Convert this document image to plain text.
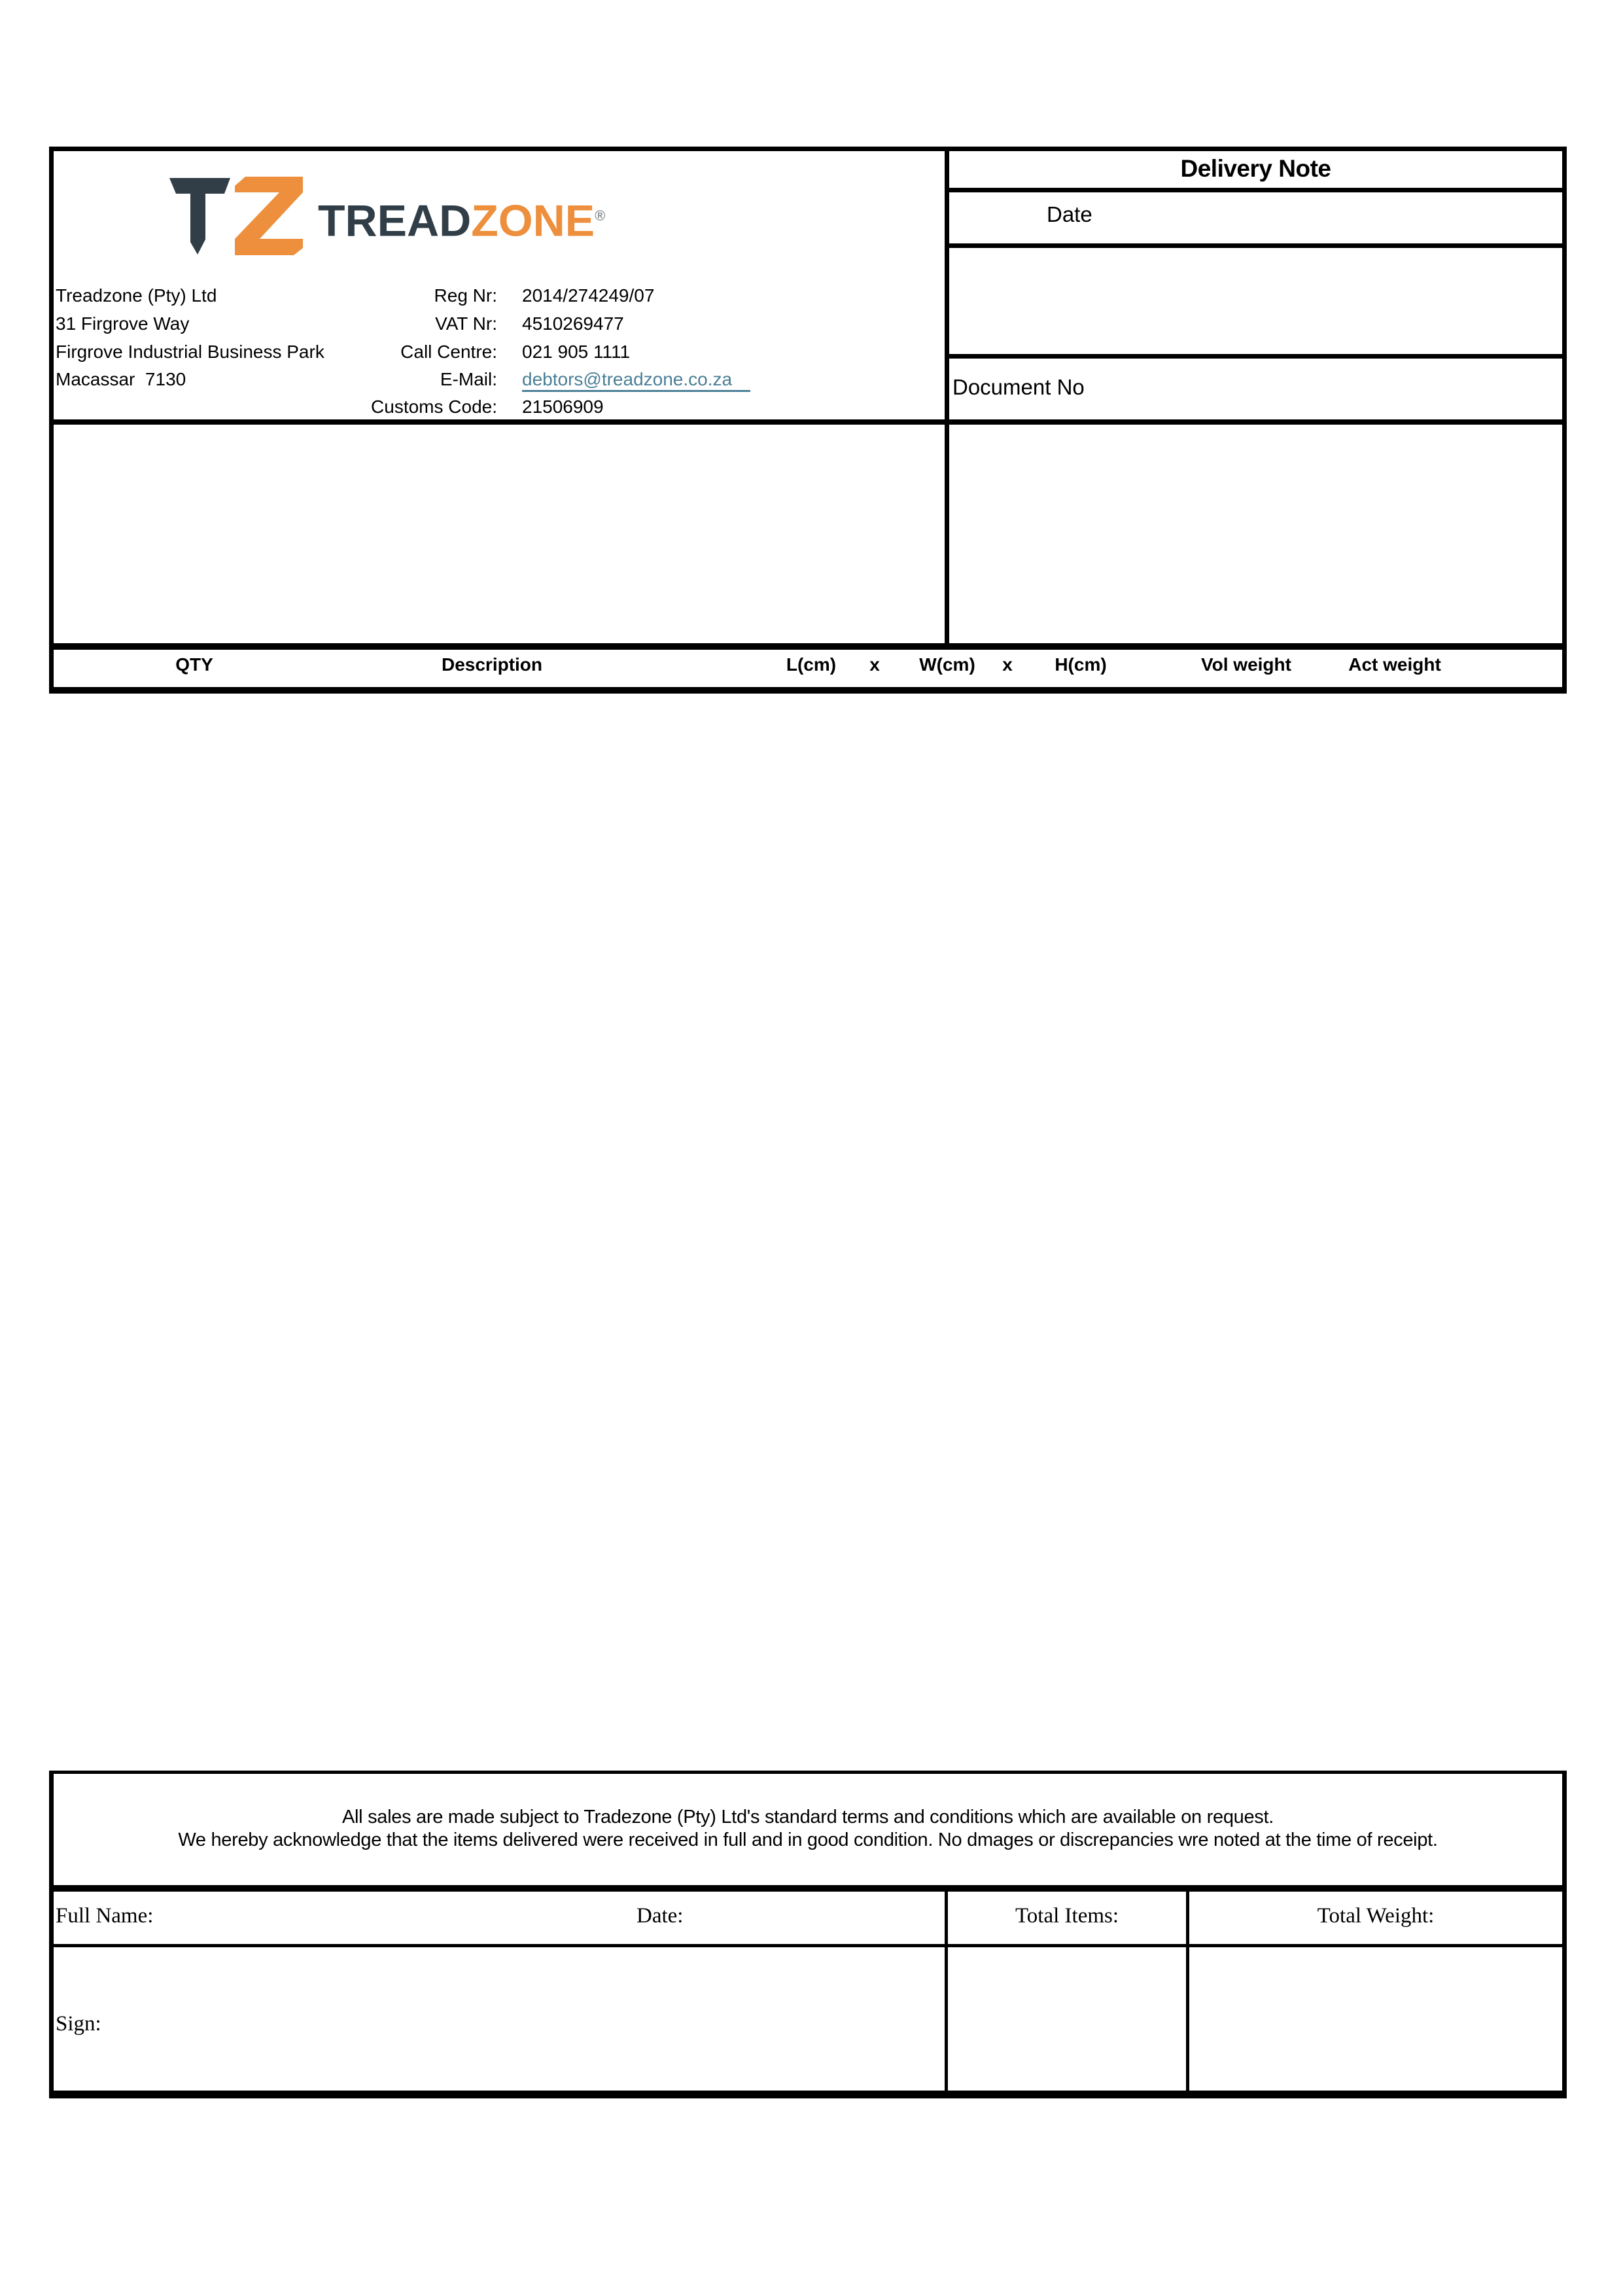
TREADZONE®
Treadzone (Pty) Ltd
31 Firgrove Way
Firgrove Industrial Business Park
Macassar  7130
Reg Nr: 2014/274249/07
VAT Nr: 4510269477
Call Centre: 021 905 1111
E-Mail: debtors@treadzone.co.za
Customs Code: 21506909
Delivery Note
Date
Document No
QTY	Description	L(cm) x W(cm) x H(cm)	Vol weight	Act weight
All sales are made subject to Tradezone (Pty) Ltd's standard terms and conditions which are available on request.
We hereby acknowledge that the items delivered were received in full and in good condition. No dmages or discrepancies wre noted at the time of receipt.
Full Name:	Date:	Total Items:	Total Weight:
Sign:
